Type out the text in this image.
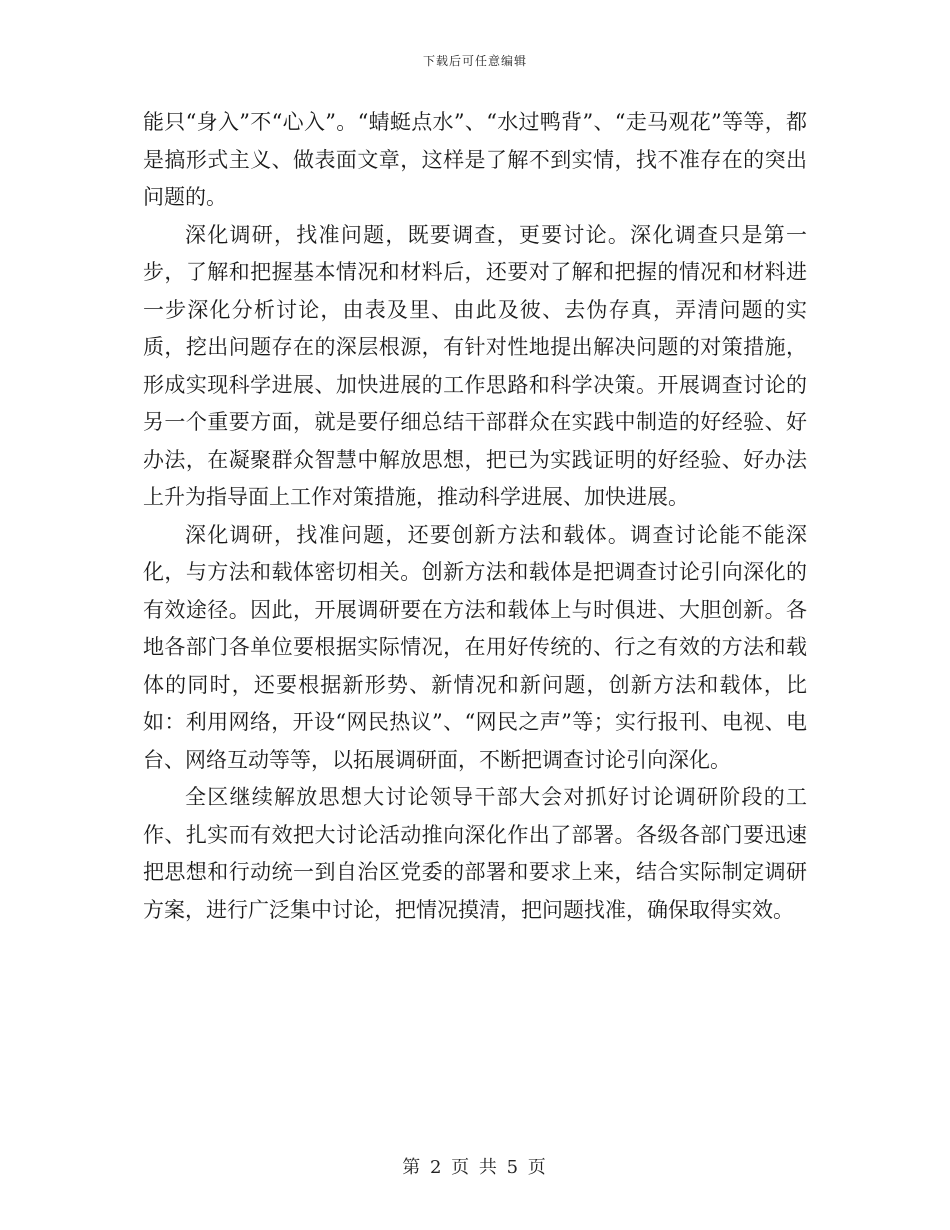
下载后可任意编辑

能只“身入”不“心入”。“蜻蜓点水”、“水过鸭背”、“走马观花”等等，都是搞形式主义、做表面文章，这样是了解不到实情，找不准存在的突出问题的。

深化调研，找准问题，既要调查，更要讨论。深化调查只是第一步，了解和把握基本情况和材料后，还要对了解和把握的情况和材料进一步深化分析讨论，由表及里、由此及彼、去伪存真，弄清问题的实质，挖出问题存在的深层根源，有针对性地提出解决问题的对策措施，形成实现科学进展、加快进展的工作思路和科学决策。开展调查讨论的另一个重要方面，就是要仔细总结干部群众在实践中制造的好经验、好办法，在凝聚群众智慧中解放思想，把已为实践证明的好经验、好办法上升为指导面上工作对策措施，推动科学进展、加快进展。

深化调研，找准问题，还要创新方法和载体。调查讨论能不能深化，与方法和载体密切相关。创新方法和载体是把调查讨论引向深化的有效途径。因此，开展调研要在方法和载体上与时俱进、大胆创新。各地各部门各单位要根据实际情况，在用好传统的、行之有效的方法和载体的同时，还要根据新形势、新情况和新问题，创新方法和载体，比如：利用网络，开设“网民热议”、“网民之声”等；实行报刊、电视、电台、网络互动等等，以拓展调研面，不断把调查讨论引向深化。

全区继续解放思想大讨论领导干部大会对抓好讨论调研阶段的工作、扎实而有效把大讨论活动推向深化作出了部署。各级各部门要迅速把思想和行动统一到自治区党委的部署和要求上来，结合实际制定调研方案，进行广泛集中讨论，把情况摸清，把问题找准，确保取得实效。

第 2 页 共 5 页
